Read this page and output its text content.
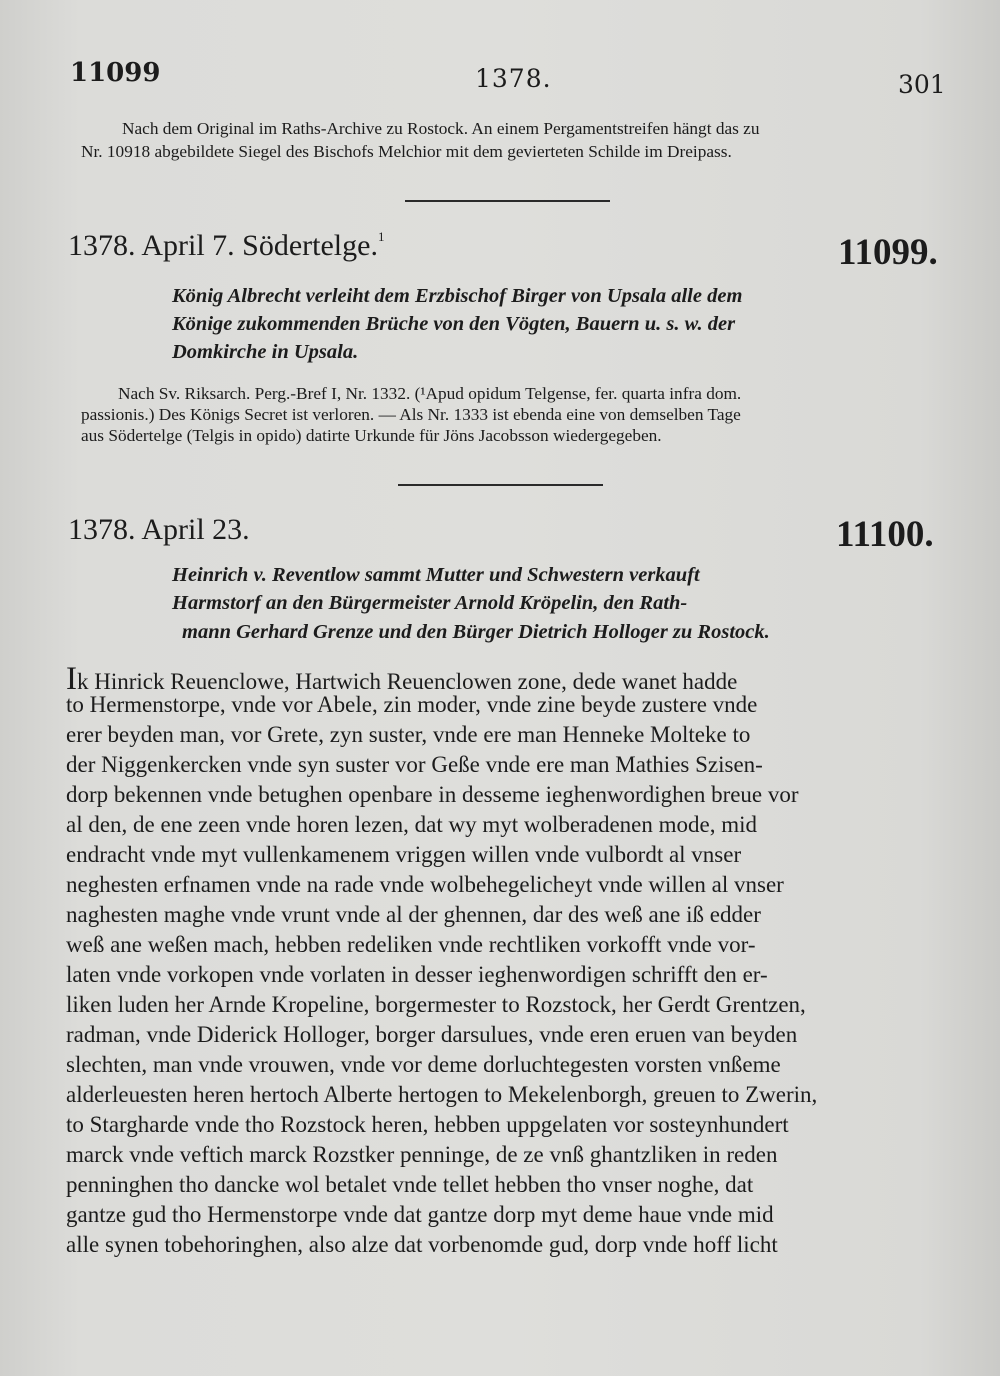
11099	1378.	301
Nach dem Original im Raths-Archive zu Rostock. An einem Pergamentstreifen hängt das zu
Nr. 10918 abgebildete Siegel des Bischofs Melchior mit dem gevierteten Schilde im Dreipass.
1378. April 7. Södertelge.$^1$	11099.
König Albrecht verleiht dem Erzbischof Birger von Upsala alle dem
Könige zukommenden Brüche von den Vögten, Bauern u. s. w. der
Domkirche in Upsala.
Nach Sv. Riksarch. Perg.-Bref I, Nr. 1332. (¹Apud opidum Telgense, fer. quarta infra dom.
passionis.) Des Königs Secret ist verloren. — Als Nr. 1333 ist ebenda eine von demselben Tage
aus Södertelge (Telgis in opido) datirte Urkunde für Jöns Jacobsson wiedergegeben.
1378. April 23.	11100.
Heinrich v. Reventlow sammt Mutter und Schwestern verkauft
Harmstorf an den Bürgermeister Arnold Kröpelin, den Rath-
mann Gerhard Grenze und den Bürger Dietrich Hollоger zu Rostock.
Ik Hinrick Reuenclowe, Hartwich Reuenclowen zone, dede wanet hadde
to Hermenstorpe, vnde vor Abele, zin moder, vnde zine beyde zustere vnde
erer beyden man, vor Grete, zyn suster, vnde ere man Henneke Molteke to
der Niggenkercken vnde syn suster vor Geße vnde ere man Mathies Szisen-
dorp bekennen vnde betughen openbare in desseme ieghenwordighen breue vor
al den, de ene zeen vnde horen lezen, dat wy myt wolberadenen mode, mid
endracht vnde myt vullenkamenem vriggen willen vnde vulbordt al vnser
neghesten erfnamen vnde na rade vnde wolbehegelicheyt vnde willen al vnser
naghesten maghe vnde vrunt vnde al der ghennen, dar des weß ane iß edder
weß ane weßen mach, hebben redeliken vnde rechtliken vorkofft vnde vor-
laten vnde vorkopen vnde vorlaten in desser ieghenwordigen schrifft den er-
liken luden her Arnde Kropeline, borgermester to Rozstock, her Gerdt Grentzen,
radman, vnde Diderick Hollоger, borger darsulues, vnde eren eruen van beyden
slechten, man vnde vrouwen, vnde vor deme dorluchtegesten vorsten vnßeme
alderleuesten heren hertoch Alberte hertogen to Mekelenborgh, greuen to Zwerin,
to Stargharde vnde tho Rozstock heren, hebben uppgelaten vor sosteynhundert
marck vnde veftich marck Rozstker penninge, de ze vnß ghantzliken in reden
penninghen tho dancke wol betalet vnde tellet hebben tho vnser noghe, dat
gantze gud tho Hermenstorpe vnde dat gantze dorp myt deme haue vnde mid
alle synen tobehoringhen, also alze dat vorbenomde gud, dorp vnde hoff licht
